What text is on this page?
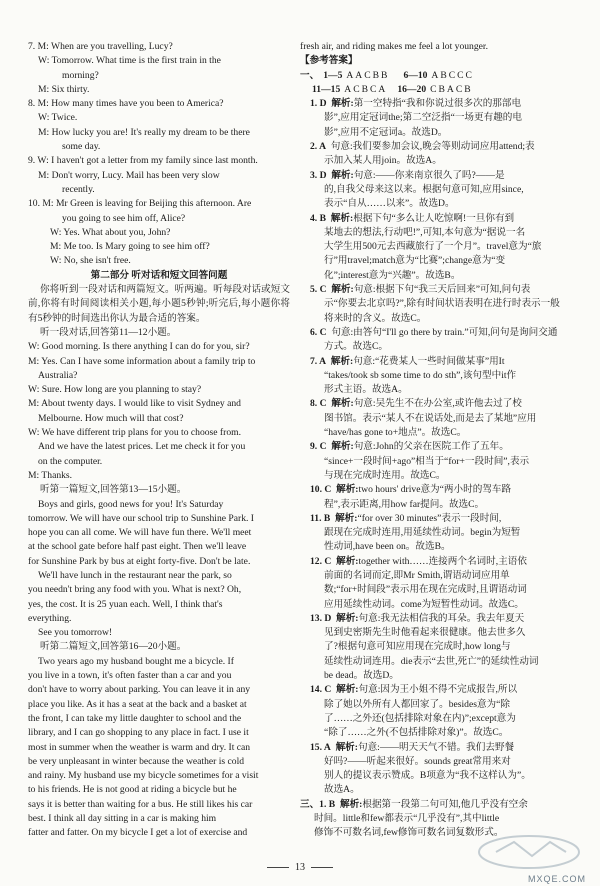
7. M: When are you travelling, Lucy?
W: Tomorrow. What time is the first train in the
morning?
M: Six thirty.
8. M: How many times have you been to America?
W: Twice.
M: How lucky you are! It's really my dream to be there
some day.
9. W: I haven't got a letter from my family since last month.
M: Don't worry, Lucy. Mail has been very slow
recently.
10. M: Mr Green is leaving for Beijing this afternoon. Are
you going to see him off, Alice?
W: Yes. What about you, John?
M: Me too. Is Mary going to see him off?
W: No, she isn't free.
第二部分 听对话和短文回答问题
你将听到一段对话和两篇短文。听两遍。听每段对话或短文前,你将有时间阅读相关小题,每小题5秒钟;听完后,每小题你将有5秒钟的时间选出你认为最合适的答案。
听一段对话,回答第11—12小题。
W: Good morning. Is there anything I can do for you, sir?
M: Yes. Can I have some information about a family trip to
Australia?
W: Sure. How long are you planning to stay?
M: About twenty days. I would like to visit Sydney and
Melbourne. How much will that cost?
W: We have different trip plans for you to choose from.
And we have the latest prices. Let me check it for you
on the computer.
M: Thanks.
听第一篇短文,回答第13—15小题。
Boys and girls, good news for you! It's Saturday
tomorrow. We will have our school trip to Sunshine Park. I
hope you can all come. We will have fun there. We'll meet
at the school gate before half past eight. Then we'll leave
for Sunshine Park by bus at eight forty-five. Don't be late.
We'll have lunch in the restaurant near the park, so
you needn't bring any food with you. What is next? Oh,
yes, the cost. It is 25 yuan each. Well, I think that's
everything.
See you tomorrow!
听第二篇短文,回答第16—20小题。
Two years ago my husband bought me a bicycle. If
you live in a town, it's often faster than a car and you
don't have to worry about parking. You can leave it in any
place you like. As it has a seat at the back and a basket at
the front, I can take my little daughter to school and the
library, and I can go shopping to any place in fact. I use it
most in summer when the weather is warm and dry. It can
be very unpleasant in winter because the weather is cold
and rainy. My husband use my bicycle sometimes for a visit
to his friends. He is not good at riding a bicycle but he
says it is better than waiting for a bus. He still likes his car
best. I think all day sitting in a car is making him
fatter and fatter. On my bicycle I get a lot of exercise and
fresh air, and riding makes me feel a lot younger.
【参考答案】
一、 1—5 AACBB 6—10 ABCCC
11—15 ACBCA 16—20 CBACB
1. D 解析:第一空特指“我和你说过很多次的那部电
影”,应用定冠词the;第二空泛指“一场更有趣的电
影”,应用不定冠词a。故选D。
2. A 句意:我们要参加会议,晚会等则动词应用attend;表
示加入某人用join。故选A。
3. D 解析:句意:——你来南京很久了吗?——是
的,自我父母来这以来。根据句意可知,应用since,
表示“自从……以来”。故选D。
4. B 解析:根据下句“多么让人吃惊啊!一旦你有到
某地去的想法,行动吧!”,可知,本句意为“据说一名
大学生用500元去西藏旅行了一个月”。travel意为“旅
行”用travel;match意为“比赛”;change意为“变
化”;interest意为“兴趣”。故选B。
5. C 解析:句意:根据下句“我三天后回来”可知,问句表
示“你要去北京吗?”,除有时间状语表明在进行时表示一般
将来时的含义。故选C。
6. C 句意:由答句“I'll go there by train.”可知,问句是询问交通
方式。故选C。
7. A 解析:句意:“花费某人一些时间做某事”用It
“takes/took sb some time to do sth”,该句型中it作
形式主语。故选A。
8. C 解析:句意:吴先生不在办公室,或许他去过了校
图书馆。表示“某人不在说话处,而是去了某地”应用
“have/has gone to+地点”。故选C。
9. C 解析:句意:John的父亲在医院工作了五年。
“since+一段时间+ago”相当于“for+一段时间”,表示
与现在完成时连用。故选C。
10. C 解析:two hours' drive意为“两小时的驾车路
程”,表示距离,用how far提问。故选C。
11. B 解析:“for over 30 minutes”表示一段时间,
跟现在完成时连用,用延续性动词。begin为短暂
性动词,have been on。故选B。
12. C 解析:together with……连接两个名词时,主语依
前面的名词而定,即Mr Smith,谓语动词应用单
数;“for+时间段”表示用在现在完成时,且谓语动词
应用延续性动词。come为短暂性动词。故选C。
13. D 解析:句意:我无法相信我的耳朵。我去年夏天
见到史密斯先生时他看起来很健康。他去世多久
了?根据句意可知应用现在完成时,how long与
延续性动词连用。die表示“去世,死亡”的延续性动词
be dead。故选D。
14. C 解析:句意:因为王小姐不得不完成报告,所以
除了她以外所有人都回家了。besides意为“除
了……之外还(包括排除对象在内)”;except意为
“除了……之外(不包括排除对象)”。故选C。
15. A 解析:句意:——明天天气不错。我们去野餐
好吗?——听起来很好。sounds great常用来对
别人的提议表示赞成。B项意为“我不这样认为”。
故选A。
三、1. B 解析:根据第一段第二句可知,他几乎没有空余
时间。little和few都表示“几乎没有”,其中little
修饰不可数名词,few修饰可数名词复数形式。
13
MXQE.COM
